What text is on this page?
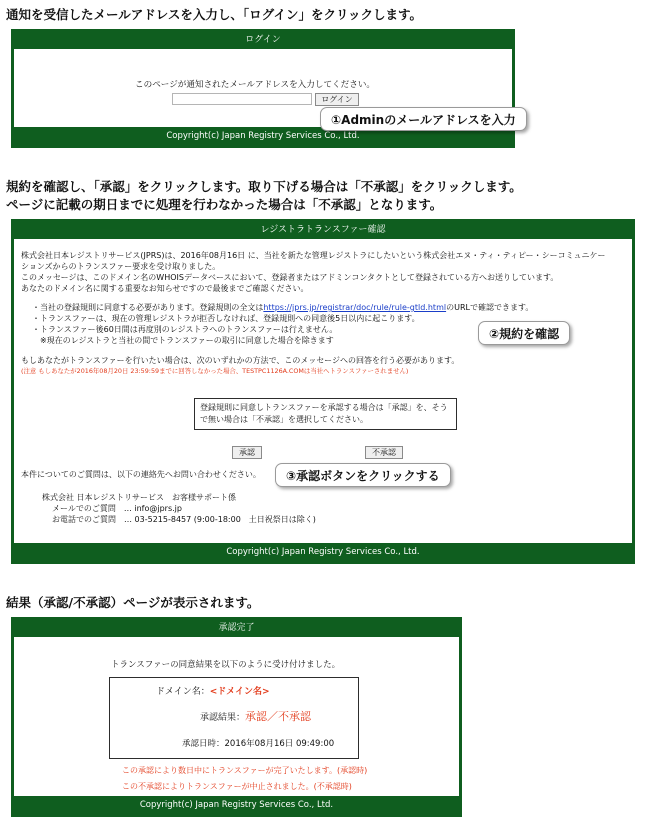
通知を受信したメールアドレスを入力し、「ログイン」をクリックします。
ログイン
このページが通知されたメールアドレスを入力してください。
ログイン
Copyright(c) Japan Registry Services Co., Ltd.
①Adminのメールアドレスを入力
規約を確認し、「承認」をクリックします。取り下げる場合は「不承認」をクリックします。
ページに記載の期日までに処理を行わなかった場合は「不承認」となります。
レジストラトランスファー確認
株式会社日本レジストリサービス(JPRS)は、2016年08月16日 に、当社を新たな管理レジストラにしたいという株式会社エヌ・ティ・ティピー・シーコミュニケー
ションズからのトランスファー要求を受け取りました。
このメッセージは、このドメイン名のWHOISデータベースにおいて、登録者またはアドミンコンタクトとして登録されている方へお送りしています。
あなたのドメイン名に関する重要なお知らせですので最後までご確認ください。
・当社の登録規則に同意する必要があります。登録規則の全文はhttps://jprs.jp/registrar/doc/rule/rule-gtld.htmlのURLで確認できます。
・トランスファーは、現在の管理レジストラが拒否しなければ、登録規則への同意後5日以内に起こります。
・トランスファー後60日間は再度別のレジストラへのトランスファーは行えません。
※現在のレジストラと当社の間でトランスファーの取引に同意した場合を除きます
もしあなたがトランスファーを行いたい場合は、次のいずれかの方法で、このメッセージへの回答を行う必要があります。
(注意 もしあなたが2016年08月20日 23:59:59までに回答しなかった場合、TESTPC1126A.COMは当社へトランスファーされません)
登録規則に同意しトランスファーを承認する場合は「承認」を、そう
で無い場合は「不承認」を選択してください。
承認	不承認
本件についてのご質問は、以下の連絡先へお問い合わせください。
株式会社 日本レジストリサービス　お客様サポート係
メールでのご質問　… info@jprs.jp
お電話でのご質問　… 03-5215-8457 (9:00-18:00　土日祝祭日は除く)
Copyright(c) Japan Registry Services Co., Ltd.
②規約を確認
③承認ボタンをクリックする
結果（承認/不承認）ページが表示されます。
承認完了
トランスファーの同意結果を以下のように受け付けました。
ドメイン名：<ドメイン名>
承認結果：承認／不承認
承認日時：2016年08月16日 09:49:00
この承認により数日中にトランスファーが完了いたします。(承認時)
この不承認によりトランスファーが中止されました。(不承認時)
Copyright(c) Japan Registry Services Co., Ltd.
